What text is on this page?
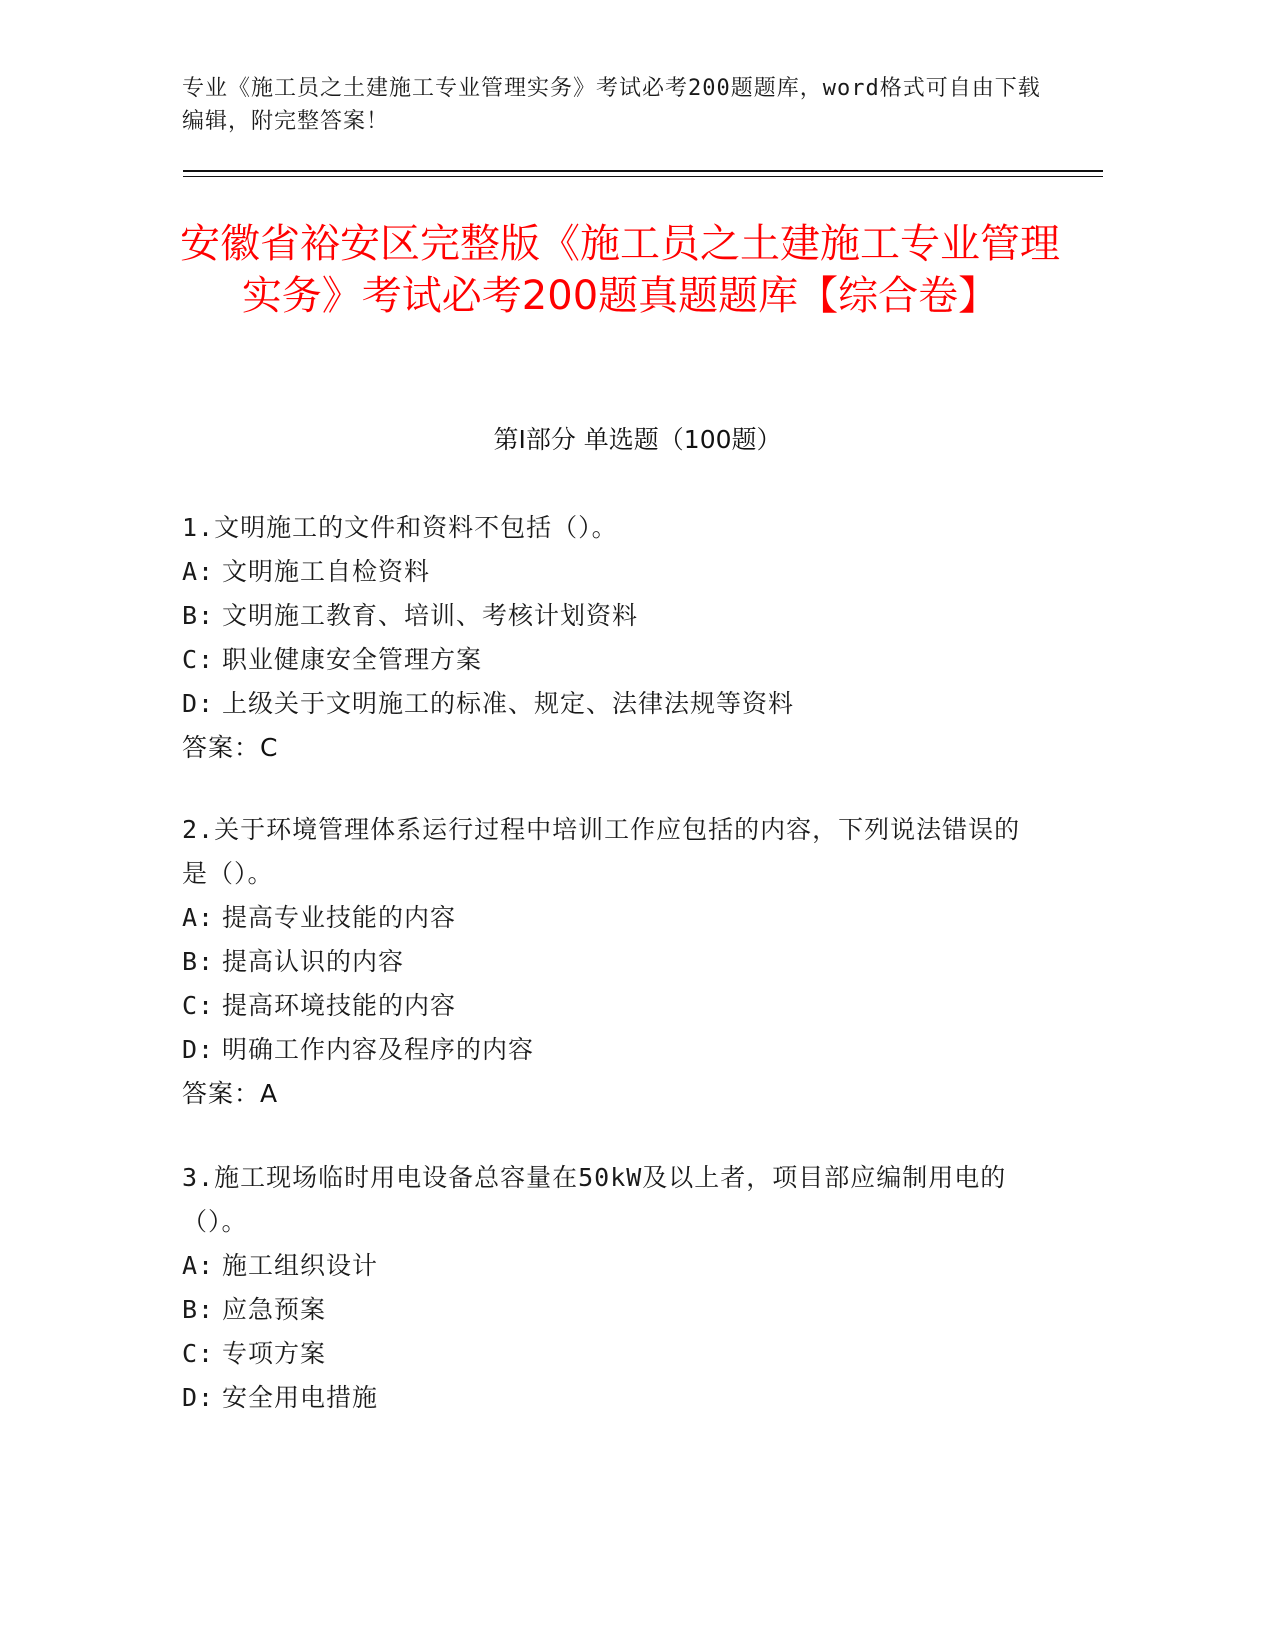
专业《施工员之土建施工专业管理实务》考试必考200题题库，word格式可自由下载编辑，附完整答案！
安徽省裕安区完整版《施工员之土建施工专业管理实务》考试必考200题真题题库【综合卷】
第I部分 单选题（100题）
1.文明施工的文件和资料不包括（）。
A: 文明施工自检资料
B: 文明施工教育、培训、考核计划资料
C: 职业健康安全管理方案
D: 上级关于文明施工的标准、规定、法律法规等资料
答案：C
2.关于环境管理体系运行过程中培训工作应包括的内容，下列说法错误的是（）。
A: 提高专业技能的内容
B: 提高认识的内容
C: 提高环境技能的内容
D: 明确工作内容及程序的内容
答案：A
3.施工现场临时用电设备总容量在50kW及以上者，项目部应编制用电的（）。
A: 施工组织设计
B: 应急预案
C: 专项方案
D: 安全用电措施
